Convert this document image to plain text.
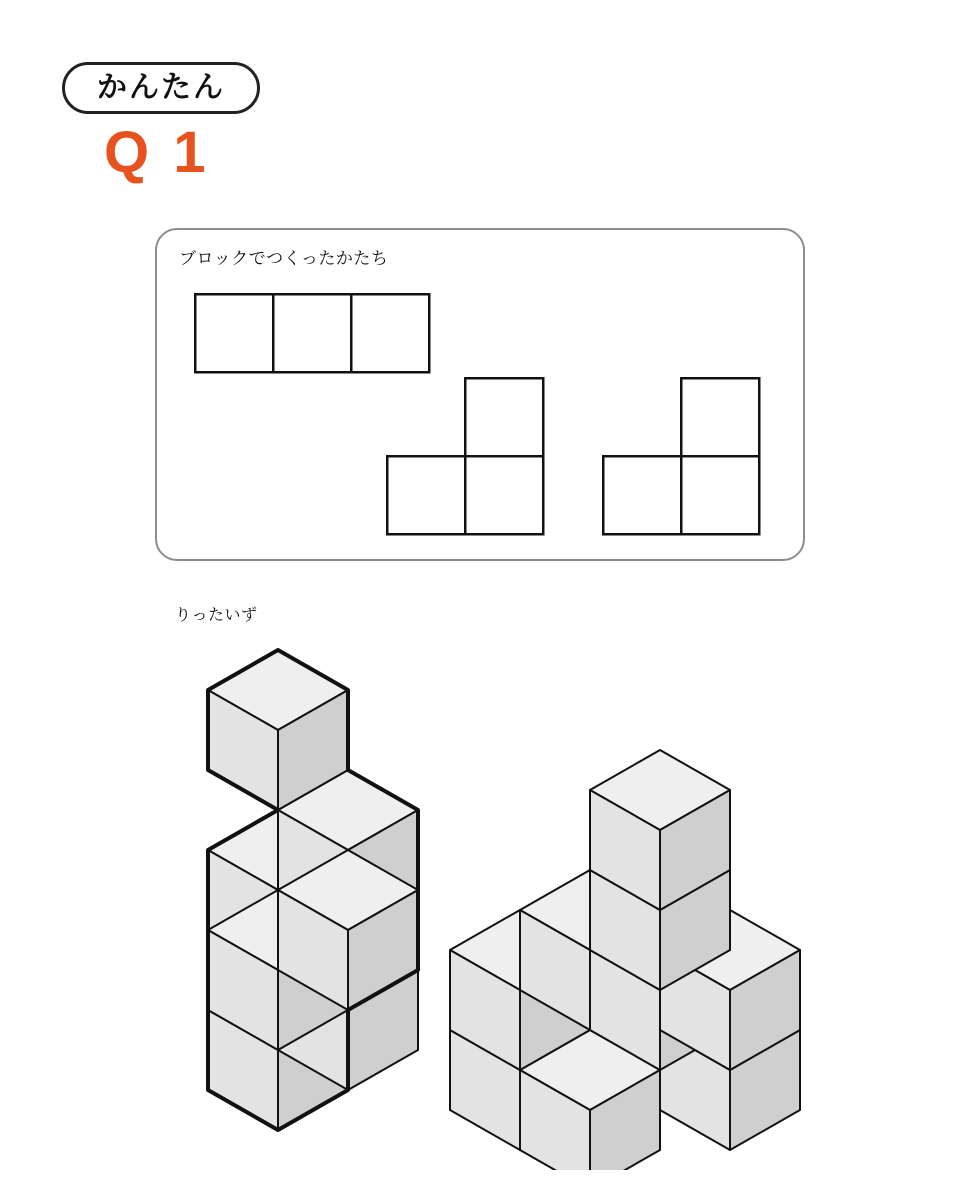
かんたん
Q 1
ブロックでつくったかたち
りったいず
